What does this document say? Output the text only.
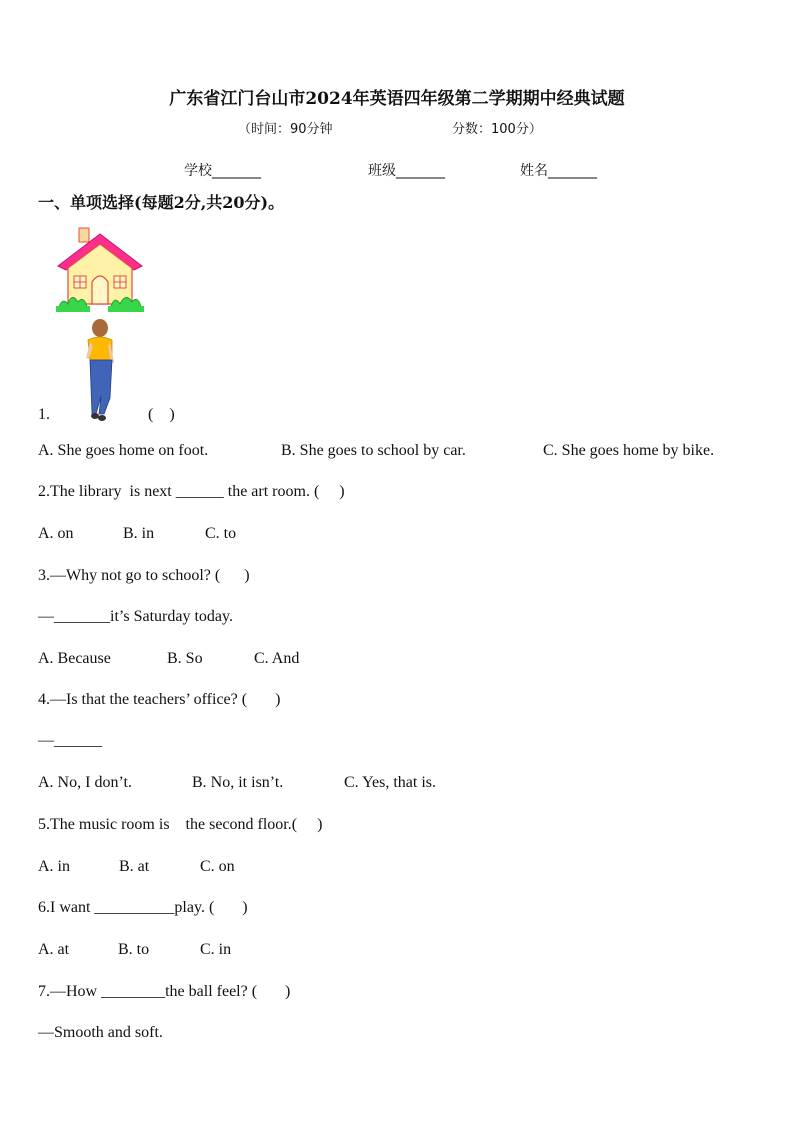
广东省江门台山市2024年英语四年级第二学期期中经典试题
（时间：90分钟	分数：100分）
学校_______	班级_______	姓名_______
一、单项选择(每题2分,共20分)。
1.	(    )
A. She goes home on foot.	B. She goes to school by car.	C. She goes home by bike.
2.The library  is next ______ the art room. (     )
A. on	B. in	C. to
3.—Why not go to school? (      )
—_______it’s Saturday today.
A. Because	B. So	C. And
4.—Is that the teachers’ office? (       )
—______
A. No, I don’t.	B. No, it isn’t.	C. Yes, that is.
5.The music room is    the second floor.(     )
A. in	B. at	C. on
6.I want __________play. (       )
A. at	B. to	C. in
7.—How ________the ball feel? (       )
—Smooth and soft.
